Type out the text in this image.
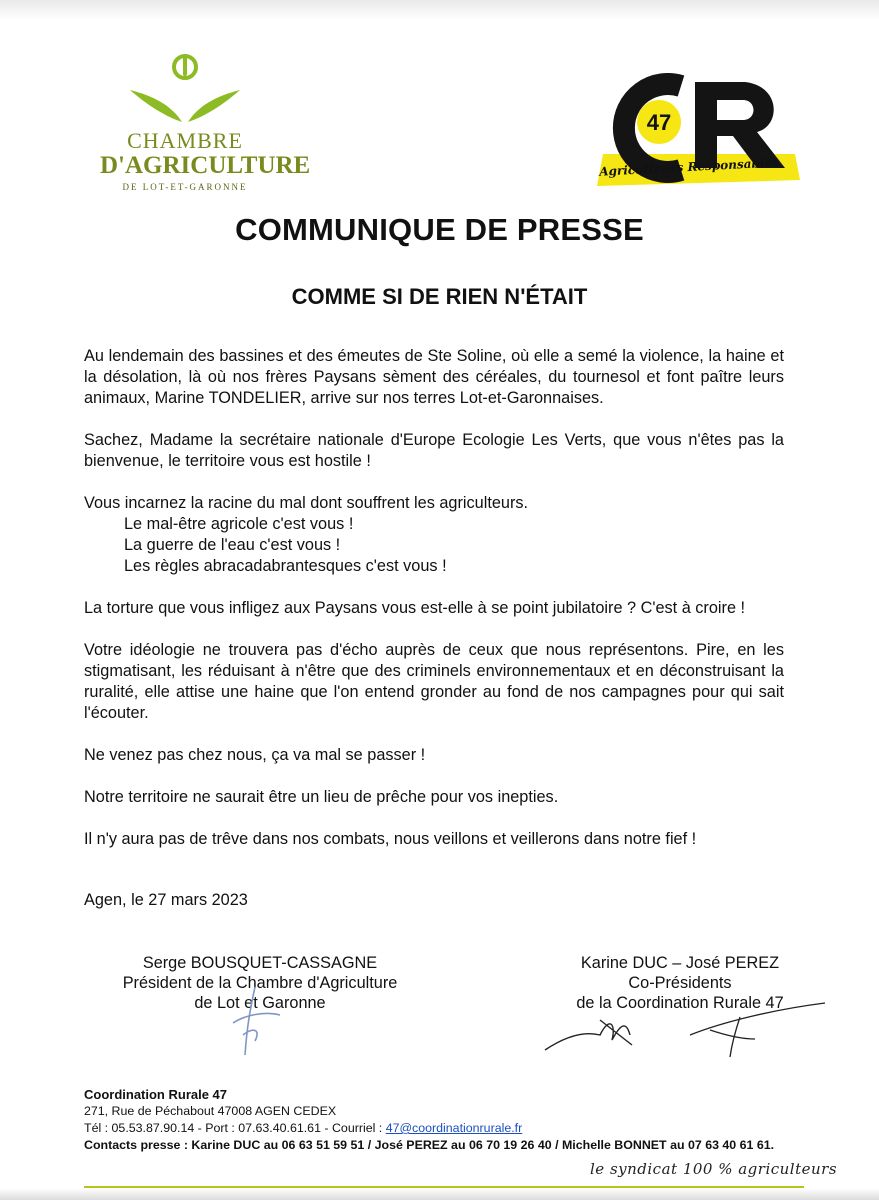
CHAMBRE
D'AGRICULTURE
DE LOT-ET-GARONNE
47
Agriculteurs Responsables
COMMUNIQUE DE PRESSE
COMME SI DE RIEN N'ÉTAIT

Au lendemain des bassines et des émeutes de Ste Soline, où elle a semé la violence, la haine et la désolation, là où nos frères Paysans sèment des céréales, du tournesol et font paître leurs animaux, Marine TONDELIER, arrive sur nos terres Lot-et-Garonnaises.

Sachez, Madame la secrétaire nationale d'Europe Ecologie Les Verts, que vous n'êtes pas la bienvenue, le territoire vous est hostile !

Vous incarnez la racine du mal dont souffrent les agriculteurs.

Le mal-être agricole c'est vous !

La guerre de l'eau c'est vous !

Les règles abracadabrantesques c'est vous !

La torture que vous infligez aux Paysans vous est-elle à se point jubilatoire ? C'est à croire !

Votre idéologie ne trouvera pas d'écho auprès de ceux que nous représentons. Pire, en les stigmatisant, les réduisant à n'être que des criminels environnementaux et en déconstruisant la ruralité, elle attise une haine que l'on entend gronder au fond de nos campagnes pour qui sait l'écouter.

Ne venez pas chez nous, ça va mal se passer !

Notre territoire ne saurait être un lieu de prêche pour vos inepties.

Il n'y aura pas de trêve dans nos combats, nous veillons et veillerons dans notre fief !

Agen, le 27 mars 2023
Serge BOUSQUET-CASSAGNE
Président de la Chambre d'Agriculture
de Lot et Garonne
Karine DUC – José PEREZ
Co-Présidents
de la Coordination Rurale 47
Coordination Rurale 47
271, Rue de Péchabout 47008 AGEN CEDEX
Tél : 05.53.87.90.14 - Port : 07.63.40.61.61 - Courriel : 47@coordinationrurale.fr
Contacts presse : Karine DUC au 06 63 51 59 51 / José PEREZ au 06 70 19 26 40 / Michelle BONNET au 07 63 40 61 61.
le syndicat 100 % agriculteurs
